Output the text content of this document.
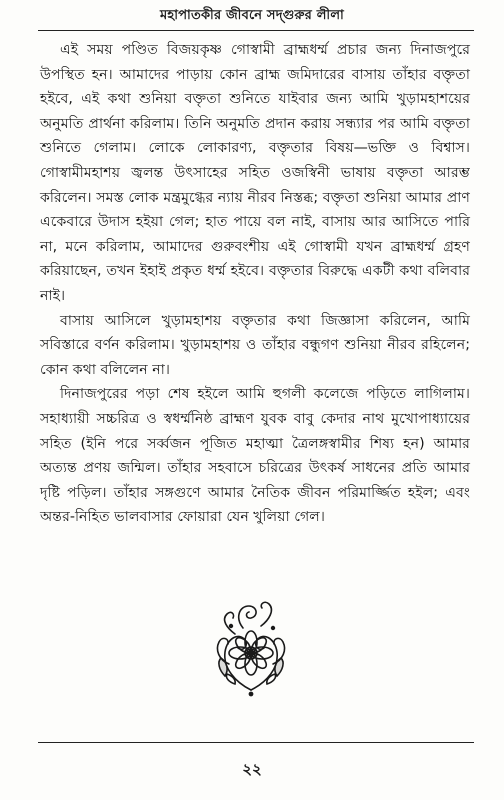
মহাপাতকীর জীবনে সদ্গুরুর লীলা

এই সময় পণ্ডিত বিজয়কৃষ্ণ গোস্বামী ব্রাহ্মধর্ম্ম প্রচার জন্য দিনাজপুরে উপস্থিত হন। আমাদের পাড়ায় কোন ব্রাহ্ম জমিদারের বাসায় তাঁহার বক্তৃতা হইবে, এই কথা শুনিয়া বক্তৃতা শুনিতে যাইবার জন্য আমি খুড়ামহাশয়ের অনুমতি প্রার্থনা করিলাম। তিনি অনুমতি প্রদান করায় সন্ধ্যার পর আমি বক্তৃতা শুনিতে গেলাম। লোকে লোকারণ্য, বক্তৃতার বিষয়—ভক্তি ও বিশ্বাস। গোস্বামীমহাশয় জ্বলন্ত উৎসাহের সহিত ওজস্বিনী ভাষায় বক্তৃতা আরম্ভ করিলেন। সমস্ত লোক মন্ত্রমুগ্ধের ন্যায় নীরব নিস্তব্ধ; বক্তৃতা শুনিয়া আমার প্রাণ একেবারে উদাস হইয়া গেল; হাত পায়ে বল নাই, বাসায় আর আসিতে পারি না, মনে করিলাম, আমাদের গুরুবংশীয় এই গোস্বামী যখন ব্রাহ্মধর্ম্ম গ্রহণ করিয়াছেন, তখন ইহাই প্রকৃত ধর্ম্ম হইবে। বক্তৃতার বিরুদ্ধে একটী কথা বলিবার নাই।

বাসায় আসিলে খুড়ামহাশয় বক্তৃতার কথা জিজ্ঞাসা করিলেন, আমি সবিস্তারে বর্ণন করিলাম। খুড়ামহাশয় ও তাঁহার বন্ধুগণ শুনিয়া নীরব রহিলেন; কোন কথা বলিলেন না।

দিনাজপুরের পড়া শেষ হইলে আমি হুগলী কলেজে পড়িতে লাগিলাম। সহাধ্যায়ী সচ্চরিত্র ও স্বধর্ম্মনিষ্ঠ ব্রাহ্মণ যুবক বাবু কেদার নাথ মুখোপাধ্যায়ের সহিত (ইনি পরে সর্ব্বজন পূজিত মহাত্মা ত্রৈলঙ্গস্বামীর শিষ্য হন) আমার অত্যন্ত প্রণয় জন্মিল। তাঁহার সহবাসে চরিত্রের উৎকর্ষ সাধনের প্রতি আমার দৃষ্টি পড়িল। তাঁহার সঙ্গগুণে আমার নৈতিক জীবন পরিমার্জ্জিত হইল; এবং অন্তর-নিহিত ভালবাসার ফোয়ারা যেন খুলিয়া গেল।

২২
